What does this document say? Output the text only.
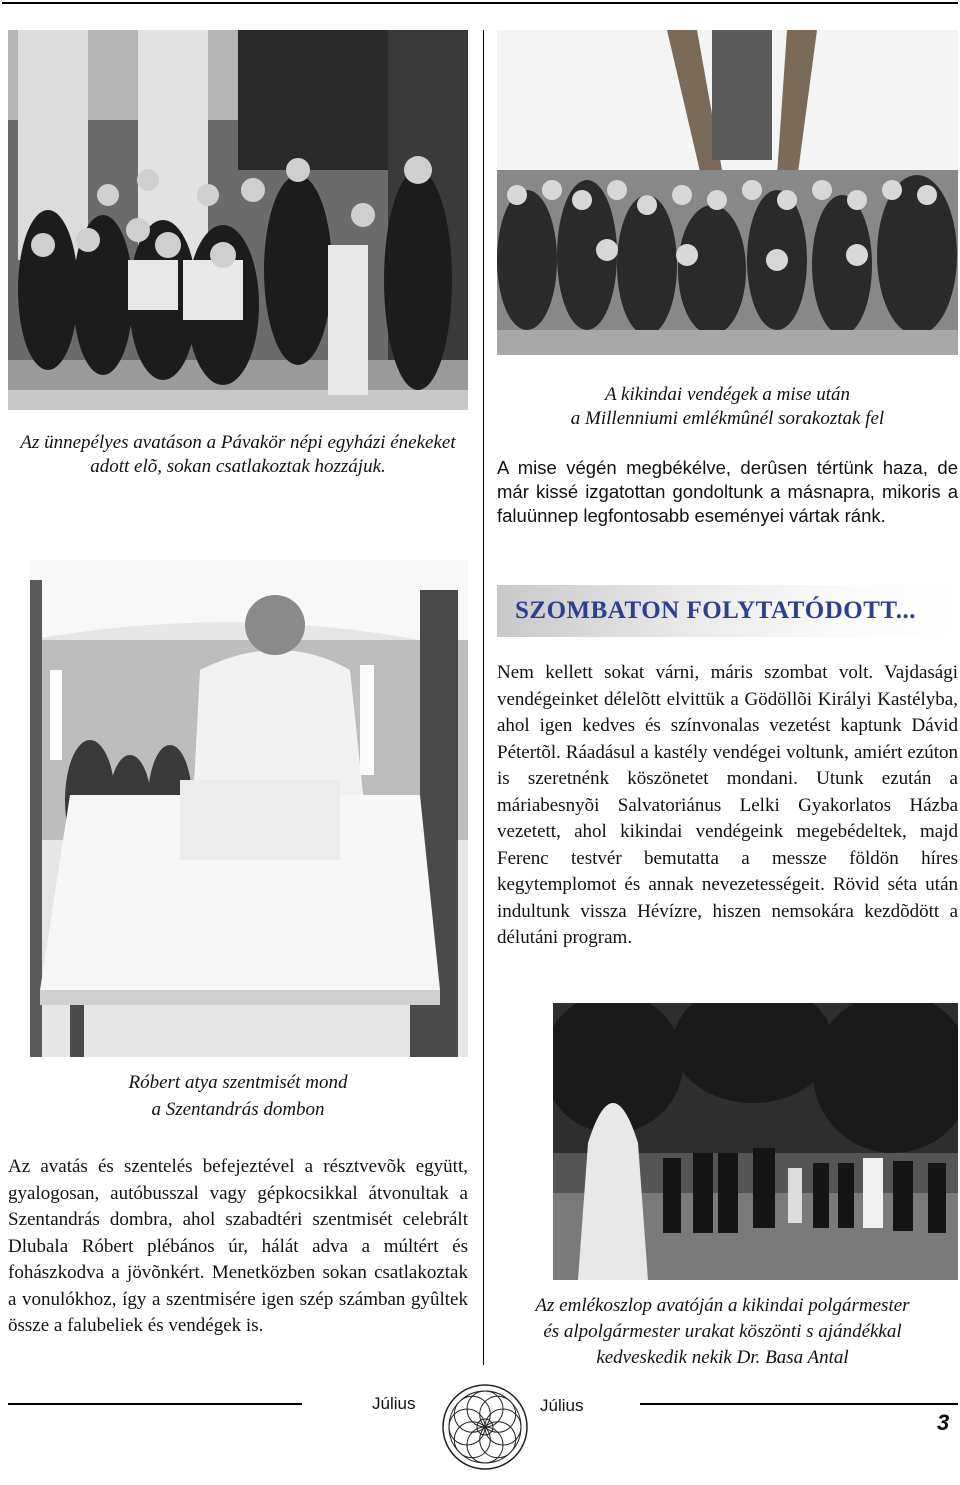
Az ünnepélyes avatáson a Pávakör népi egyházi énekeket adott elõ, sokan csatlakoztak hozzájuk.
A kikindai vendégek a mise után
a Millenniumi emlékmûnél sorakoztak fel

A mise végén megbékélve, derûsen tértünk haza, de már kissé izgatottan gondoltunk a másnapra, mikoris a faluünnep legfontosabb eseményei vártak ránk.

SZOMBATON FOLYTATÓDOTT...

Nem kellett sokat várni, máris szombat volt. Vajdasági vendégeinket délelõtt elvittük a Gödöllõi Királyi Kastélyba, ahol igen kedves és színvonalas vezetést kaptunk Dávid Pétertõl. Ráadásul a kastély vendégei voltunk, amiért ezúton is szeretnénk köszönetet mondani. Utunk ezután a máriabesnyõi Salvatoriánus Lelki Gyakorlatos Házba vezetett, ahol kikindai vendégeink megebédeltek, majd Ferenc testvér bemutatta a messze földön híres kegytemplomot és annak nevezetességeit. Rövid séta után indultunk vissza Hévízre, hiszen nemsokára kezdõdött a délutáni program.

Róbert atya szentmisét mond
a Szentandrás dombon

Az avatás és szentelés befejeztével a résztvevõk együtt, gyalogosan, autóbusszal vagy gépkocsikkal átvonultak a Szentandrás dombra, ahol szabadtéri szentmisét celebrált Dlubala Róbert plébános úr, hálát adva a múltért és fohászkodva a jövõnkért. Menetközben sokan csatlakoztak a vonulókhoz, így a szentmisére igen szép számban gyûltek össze a falubeliek és vendégek is.

Az emlékoszlop avatóján a kikindai polgármester
és alpolgármester urakat köszönti s ajándékkal
kedveskedik nekik Dr. Basa Antal
Július	Július
3
